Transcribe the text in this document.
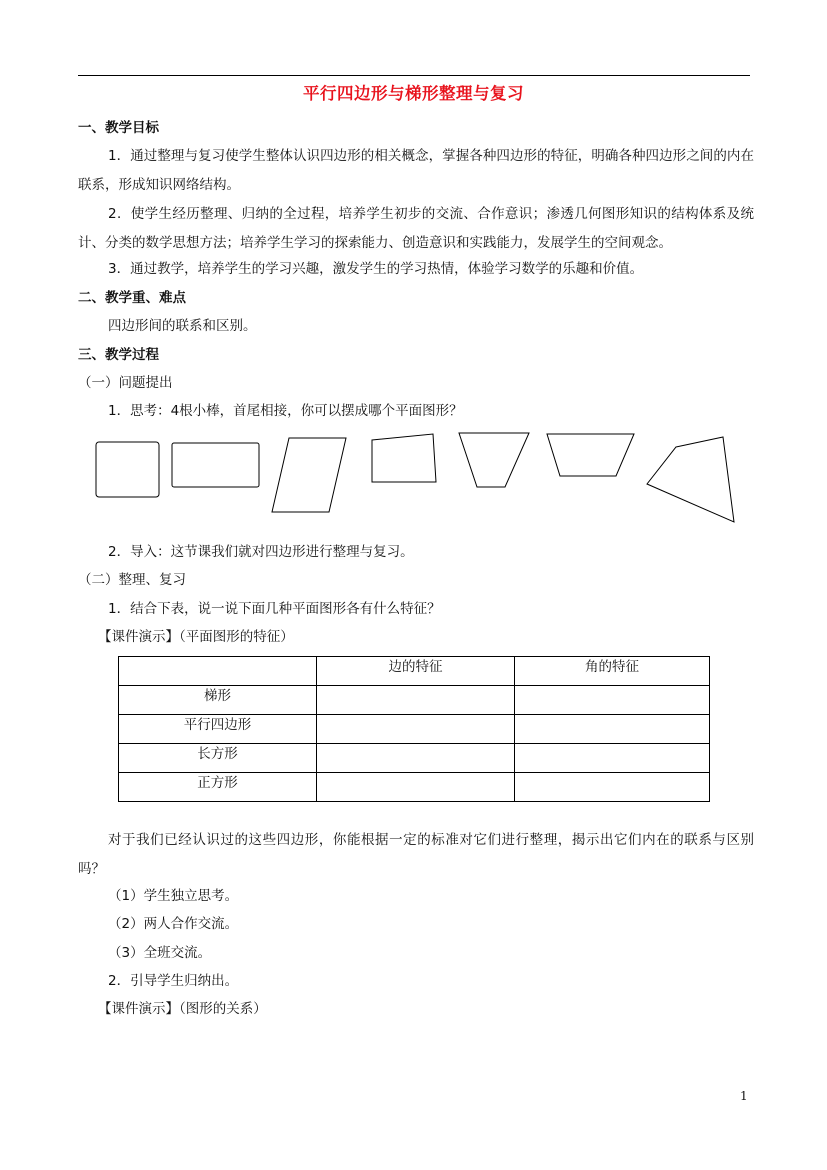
平行四边形与梯形整理与复习
一、教学目标
1．通过整理与复习使学生整体认识四边形的相关概念，掌握各种四边形的特征，明确各种四边形之间的内在联系，形成知识网络结构。
2．使学生经历整理、归纳的全过程，培养学生初步的交流、合作意识；渗透几何图形知识的结构体系及统计、分类的数学思想方法；培养学生学习的探索能力、创造意识和实践能力，发展学生的空间观念。
3．通过教学，培养学生的学习兴趣，激发学生的学习热情，体验学习数学的乐趣和价值。
二、教学重、难点
四边形间的联系和区别。
三、教学过程
（一）问题提出
1．思考：4根小棒，首尾相接，你可以摆成哪个平面图形？
2．导入：这节课我们就对四边形进行整理与复习。
（二）整理、复习
1．结合下表，说一说下面几种平面图形各有什么特征？
【课件演示】（平面图形的特征）
	边的特征	角的特征
梯形		
平行四边形		
长方形		
正方形		
对于我们已经认识过的这些四边形，你能根据一定的标准对它们进行整理，揭示出它们内在的联系与区别吗？
（1）学生独立思考。
（2）两人合作交流。
（3）全班交流。
2．引导学生归纳出。
【课件演示】（图形的关系）
1
